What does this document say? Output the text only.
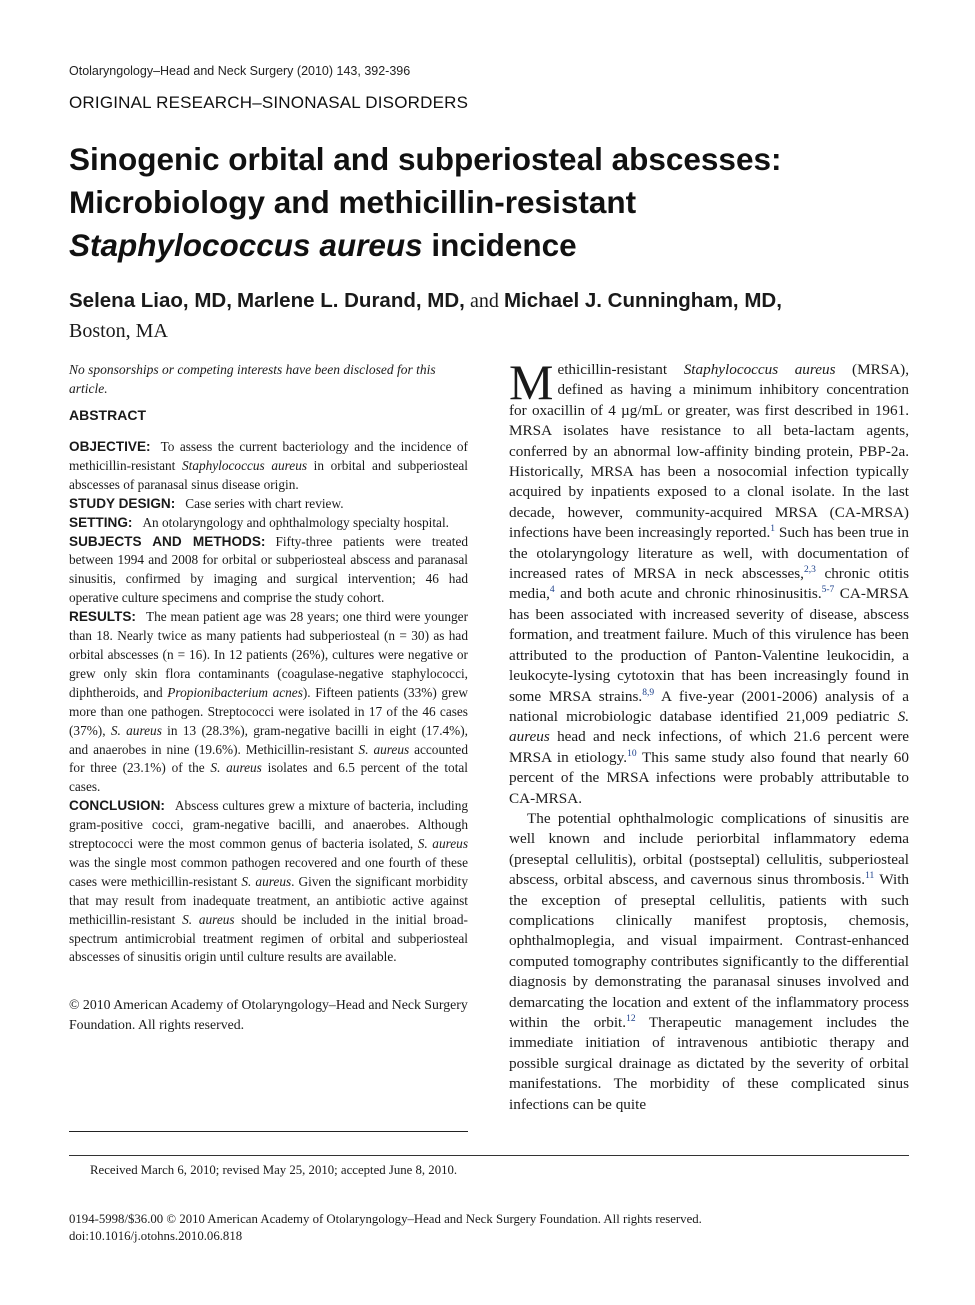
Otolaryngology–Head and Neck Surgery (2010) 143, 392-396
ORIGINAL RESEARCH–SINONASAL DISORDERS
Sinogenic orbital and subperiosteal abscesses:
Microbiology and methicillin-resistant
Staphylococcus aureus incidence
Selena Liao, MD, Marlene L. Durand, MD, and Michael J. Cunningham, MD,
Boston, MA

No sponsorships or competing interests have been disclosed for this article.

ABSTRACT

OBJECTIVE: To assess the current bacteriology and the incidence of methicillin-resistant Staphylococcus aureus in orbital and subperiosteal abscesses of paranasal sinus disease origin.

STUDY DESIGN: Case series with chart review.

SETTING: An otolaryngology and ophthalmology specialty hospital.

SUBJECTS AND METHODS: Fifty-three patients were treated between 1994 and 2008 for orbital or subperiosteal abscess and paranasal sinusitis, confirmed by imaging and surgical intervention; 46 had operative culture specimens and comprise the study cohort.

RESULTS: The mean patient age was 28 years; one third were younger than 18. Nearly twice as many patients had subperiosteal (n = 30) as had orbital abscesses (n = 16). In 12 patients (26%), cultures were negative or grew only skin flora contaminants (coagulase-negative staphylococci, diphtheroids, and Propionibacterium acnes). Fifteen patients (33%) grew more than one pathogen. Streptococci were isolated in 17 of the 46 cases (37%), S. aureus in 13 (28.3%), gram-negative bacilli in eight (17.4%), and anaerobes in nine (19.6%). Methicillin-resistant S. aureus accounted for three (23.1%) of the S. aureus isolates and 6.5 percent of the total cases.

CONCLUSION: Abscess cultures grew a mixture of bacteria, including gram-positive cocci, gram-negative bacilli, and anaerobes. Although streptococci were the most common genus of bacteria isolated, S. aureus was the single most common pathogen recovered and one fourth of these cases were methicillin-resistant S. aureus. Given the significant morbidity that may result from inadequate treatment, an antibiotic active against methicillin-resistant S. aureus should be included in the initial broad-spectrum antimicrobial treatment regimen of orbital and subperiosteal abscesses of sinusitis origin until culture results are available.

© 2010 American Academy of Otolaryngology–Head and Neck Surgery Foundation. All rights reserved.

Methicillin-resistant Staphylococcus aureus (MRSA), defined as having a minimum inhibitory concentration for oxacillin of 4 µg/mL or greater, was first described in 1961. MRSA isolates have resistance to all beta-lactam agents, conferred by an abnormal low-affinity binding protein, PBP-2a. Historically, MRSA has been a nosocomial infection typically acquired by inpatients exposed to a clonal isolate. In the last decade, however, community-acquired MRSA (CA-MRSA) infections have been increasingly reported.$^1$ Such has been true in the otolaryngology literature as well, with documentation of increased rates of MRSA in neck abscesses,$^{2,3}$ chronic otitis media,$^4$ and both acute and chronic rhinosinusitis.$^{5-7}$ CA-MRSA has been associated with increased severity of disease, abscess formation, and treatment failure. Much of this virulence has been attributed to the production of Panton-Valentine leukocidin, a leukocyte-lysing cytotoxin that has been increasingly found in some MRSA strains.$^{8,9}$ A five-year (2001-2006) analysis of a national microbiologic database identified 21,009 pediatric S. aureus head and neck infections, of which 21.6 percent were MRSA in etiology.$^{10}$ This same study also found that nearly 60 percent of the MRSA infections were probably attributable to CA-MRSA.

The potential ophthalmologic complications of sinusitis are well known and include periorbital inflammatory edema (preseptal cellulitis), orbital (postseptal) cellulitis, subperiosteal abscess, orbital abscess, and cavernous sinus thrombosis.$^{11}$ With the exception of preseptal cellulitis, patients with such complications clinically manifest proptosis, chemosis, ophthalmoplegia, and visual impairment. Contrast-enhanced computed tomography contributes significantly to the differential diagnosis by demonstrating the paranasal sinuses involved and demarcating the location and extent of the inflammatory process within the orbit.$^{12}$ Therapeutic management includes the immediate initiation of intravenous antibiotic therapy and possible surgical drainage as dictated by the severity of orbital manifestations. The morbidity of these complicated sinus infections can be quite

Received March 6, 2010; revised May 25, 2010; accepted June 8, 2010.
0194-5998/$36.00 © 2010 American Academy of Otolaryngology–Head and Neck Surgery Foundation. All rights reserved.
doi:10.1016/j.otohns.2010.06.818
